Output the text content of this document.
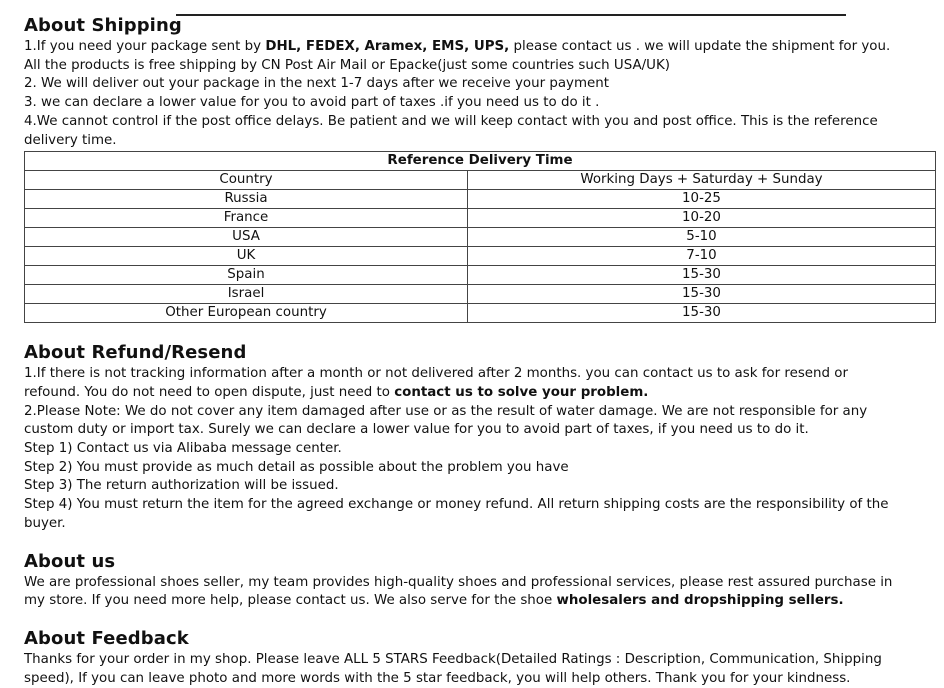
About Shipping

1.If you need your package sent by DHL, FEDEX, Aramex, EMS, UPS, please contact us . we will update the shipment for you.

All the products is free shipping by CN Post Air Mail or Epacke(just some countries such USA/UK)

2. We will deliver out your package in the next 1-7 days after we receive your payment

3. we can declare a lower value for you to avoid part of taxes .if you need us to do it .

4.We cannot control if the post office delays. Be patient and we will keep contact with you and post office. This is the reference

delivery time.

Reference Delivery Time	
Country	Working Days + Saturday + Sunday
Russia	10-25
France	10-20
USA	5-10
UK	7-10
Spain	15-30
Israel	15-30
Other European country	15-30
About Refund/Resend

1.If there is not tracking information after a month or not delivered after 2 months. you can contact us to ask for resend or

refound. You do not need to open dispute, just need to contact us to solve your problem.

2.Please Note: We do not cover any item damaged after use or as the result of water damage. We are not responsible for any

custom duty or import tax. Surely we can declare a lower value for you to avoid part of taxes, if you need us to do it.

Step 1) Contact us via Alibaba message center.

Step 2) You must provide as much detail as possible about the problem you have

Step 3) The return authorization will be issued.

Step 4) You must return the item for the agreed exchange or money refund. All return shipping costs are the responsibility of the

buyer.

About us

We are professional shoes seller, my team provides high-quality shoes and professional services, please rest assured purchase in

my store. If you need more help, please contact us. We also serve for the shoe wholesalers and dropshipping sellers.

About Feedback

Thanks for your order in my shop. Please leave ALL 5 STARS Feedback(Detailed Ratings : Description, Communication, Shipping

speed), If you can leave photo and more words with the 5 star feedback, you will help others. Thank you for your kindness.
